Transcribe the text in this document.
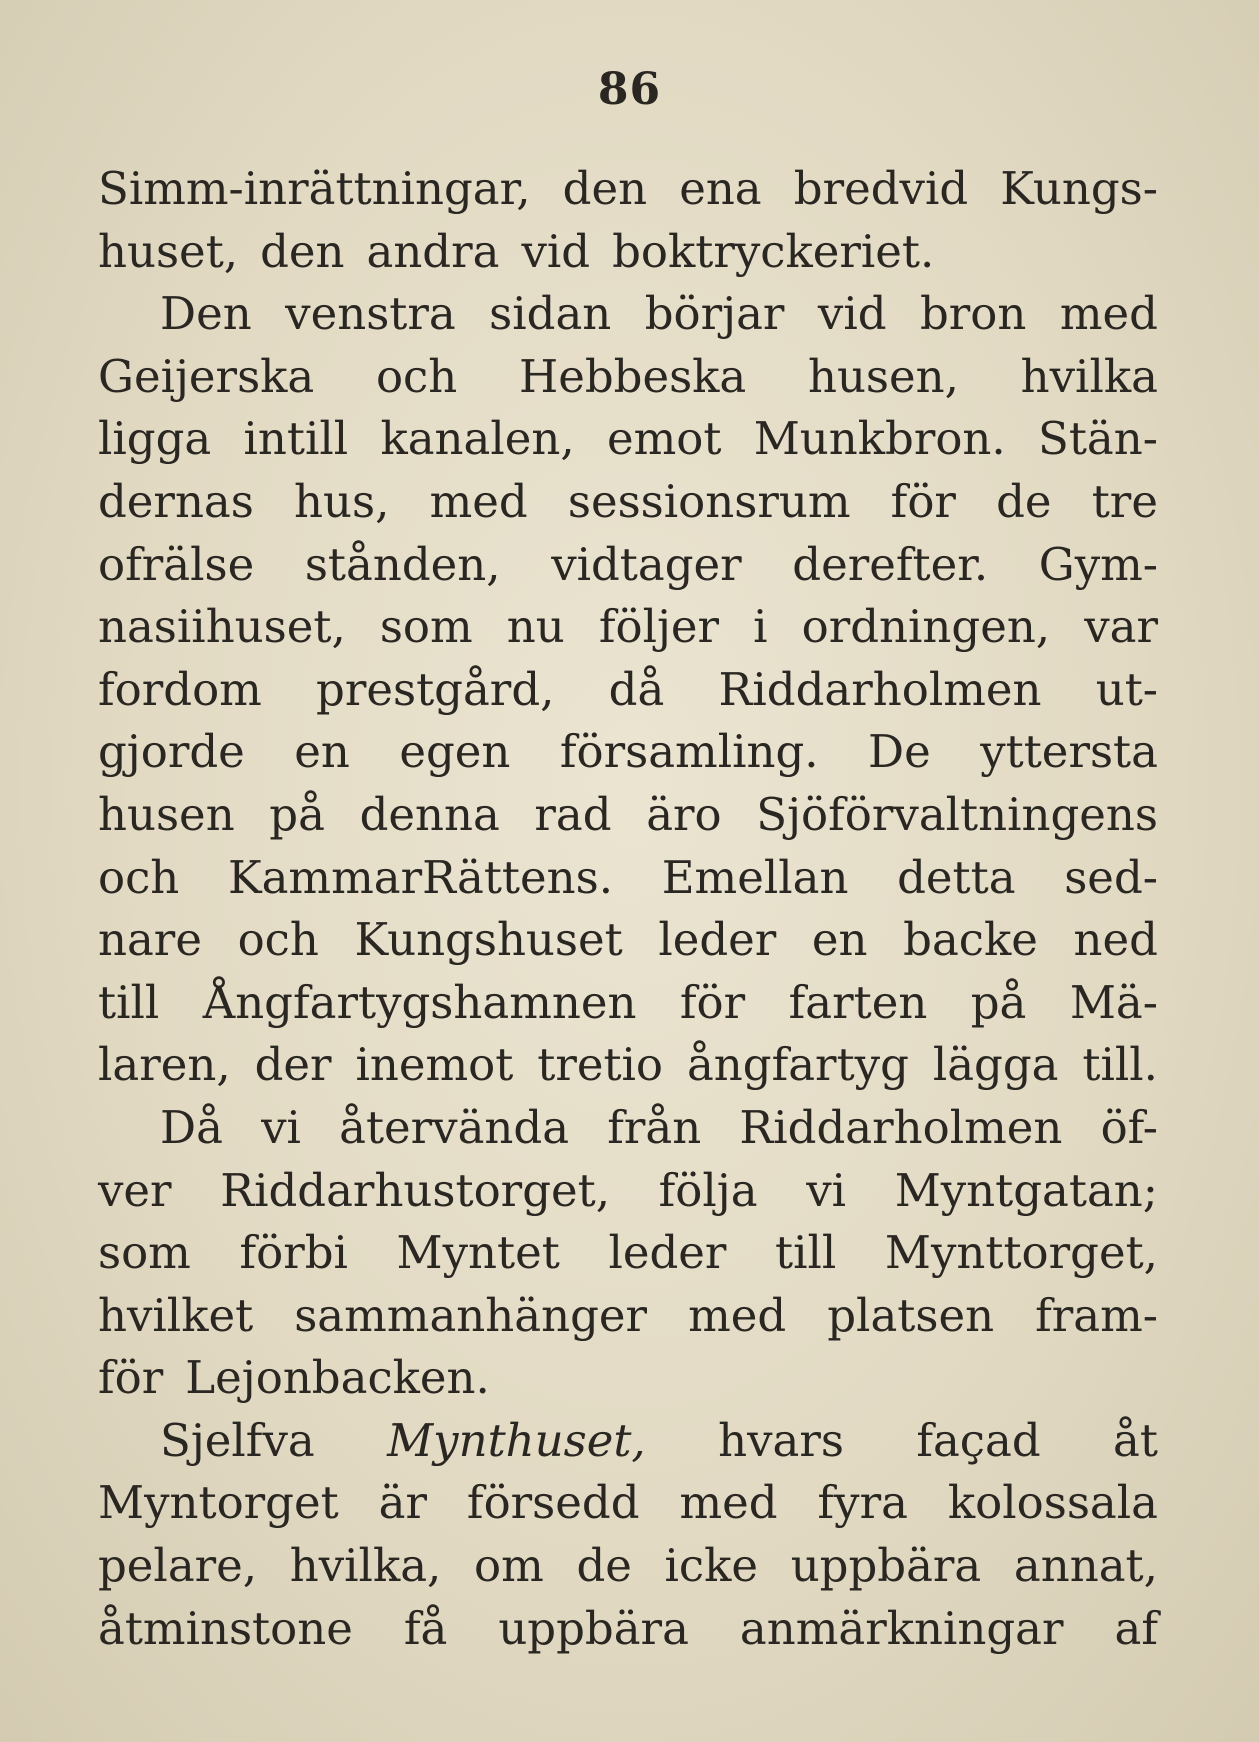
86
Simm-inrättningar, den ena bredvid Kungs-
huset, den andra vid boktryckeriet.
Den venstra sidan börjar vid bron med
Geijerska och Hebbeska husen, hvilka
ligga intill kanalen, emot Munkbron. Stän-
dernas hus, med sessionsrum för de tre
ofrälse stånden, vidtager derefter. Gym-
nasiihuset, som nu följer i ordningen, var
fordom prestgård, då Riddarholmen ut-
gjorde en egen församling. De yttersta
husen på denna rad äro Sjöförvaltningens
och KammarRättens. Emellan detta sed-
nare och Kungshuset leder en backe ned
till Ångfartygshamnen för farten på Mä-
laren, der inemot tretio ångfartyg lägga till.
Då vi återvända från Riddarholmen öf-
ver Riddarhustorget, följa vi Myntgatan;
som förbi Myntet leder till Mynttorget,
hvilket sammanhänger med platsen fram-
för Lejonbacken.
Sjelfva Mynthuset, hvars façad åt
Myntorget är försedd med fyra kolossala
pelare, hvilka, om de icke uppbära annat,
åtminstone få uppbära anmärkningar af
